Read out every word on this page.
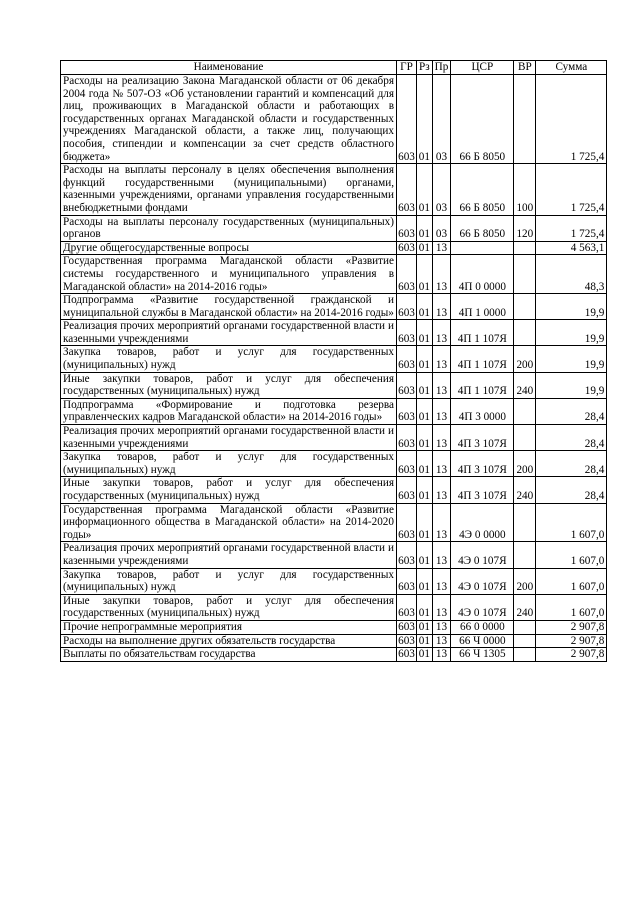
Наименование	ГР	Рз	Пр	ЦСР	ВР	Сумма
Расходы на реализацию Закона Магаданской области от 06 декабря 2004 года № 507-ОЗ «Об установлении гарантий и компенсаций для лиц, проживающих в Магаданской области и работающих в государственных органах Магаданской области и государственных учреждениях Магаданской области, а также лиц, получающих пособия, стипендии и компенсации за счет средств областного бюджета»	603	01	03	66 Б 8050		1 725,4
Расходы на выплаты персоналу в целях обеспечения выполнения функций государственными (муниципальными) органами, казенными учреждениями, органами управления государственными внебюджетными фондами	603	01	03	66 Б 8050	100	1 725,4
Расходы на выплаты персоналу государственных (муниципальных) органов	603	01	03	66 Б 8050	120	1 725,4
Другие общегосударственные вопросы	603	01	13			4 563,1
Государственная программа Магаданской области «Развитие системы государственного и муниципального управления в Магаданской области» на 2014-2016 годы»	603	01	13	4П 0 0000		48,3
Подпрограмма «Развитие государственной гражданской и муниципальной службы в Магаданской области» на 2014-2016 годы»	603	01	13	4П 1 0000		19,9
Реализация прочих мероприятий органами государственной власти и казенными учреждениями	603	01	13	4П 1 107Я		19,9
Закупка товаров, работ и услуг для государственных (муниципальных) нужд	603	01	13	4П 1 107Я	200	19,9
Иные закупки товаров, работ и услуг для обеспечения государственных (муниципальных) нужд	603	01	13	4П 1 107Я	240	19,9
Подпрограмма «Формирование и подготовка резерва управленческих кадров Магаданской области» на 2014-2016 годы»	603	01	13	4П 3 0000		28,4
Реализация прочих мероприятий органами государственной власти и казенными учреждениями	603	01	13	4П 3 107Я		28,4
Закупка товаров, работ и услуг для государственных (муниципальных) нужд	603	01	13	4П 3 107Я	200	28,4
Иные закупки товаров, работ и услуг для обеспечения государственных (муниципальных) нужд	603	01	13	4П 3 107Я	240	28,4
Государственная программа Магаданской области «Развитие информационного общества в Магаданской области» на 2014-2020 годы»	603	01	13	4Э 0 0000		1 607,0
Реализация прочих мероприятий органами государственной власти и казенными учреждениями	603	01	13	4Э 0 107Я		1 607,0
Закупка товаров, работ и услуг для государственных (муниципальных) нужд	603	01	13	4Э 0 107Я	200	1 607,0
Иные закупки товаров, работ и услуг для обеспечения государственных (муниципальных) нужд	603	01	13	4Э 0 107Я	240	1 607,0
Прочие непрограммные мероприятия	603	01	13	66 0 0000		2 907,8
Расходы на выполнение других обязательств государства	603	01	13	66 Ч 0000		2 907,8
Выплаты по обязательствам государства	603	01	13	66 Ч 1305		2 907,8
